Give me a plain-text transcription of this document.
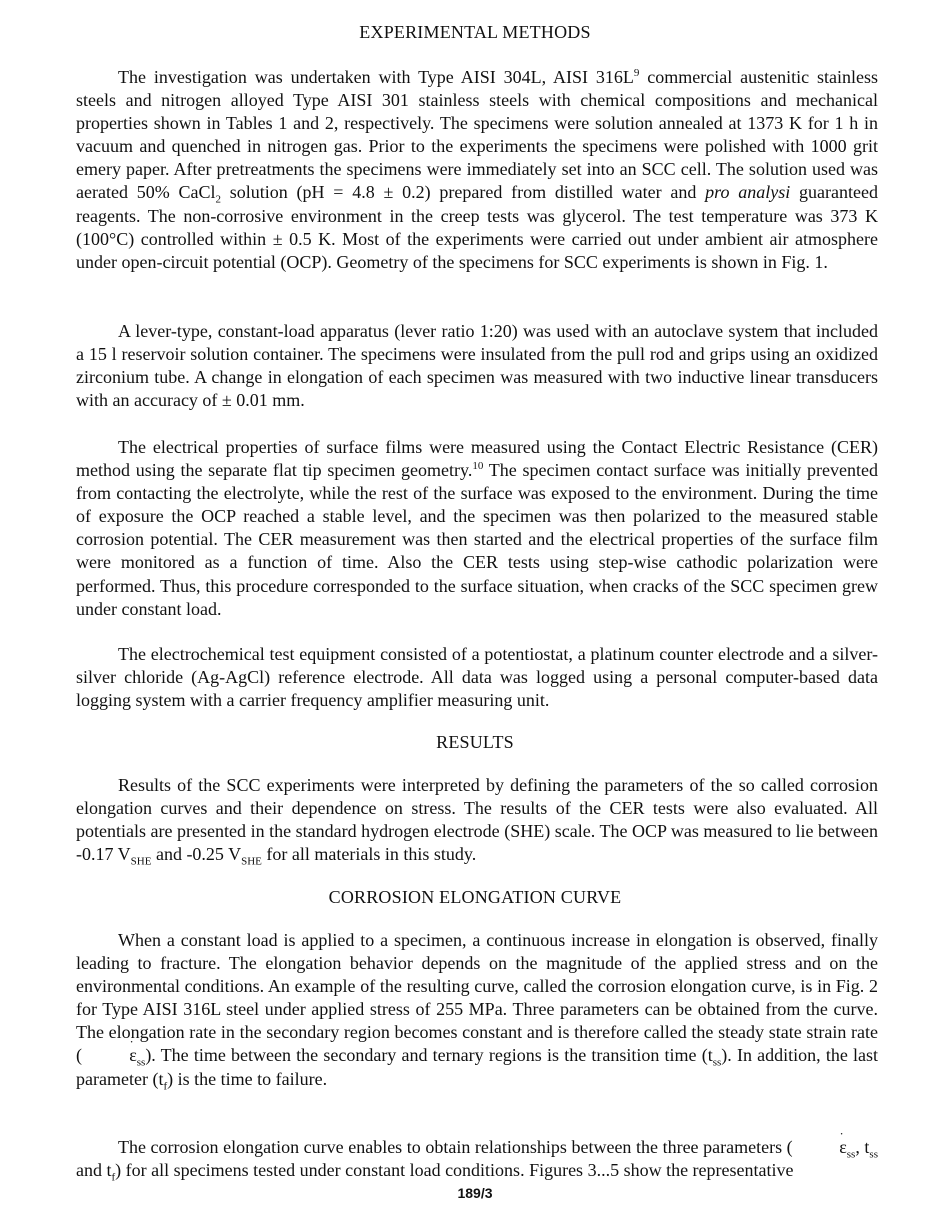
EXPERIMENTAL METHODS

The investigation was undertaken with Type AISI 304L, AISI $316L^9$ commercial austenitic stainless steels and nitrogen alloyed Type AISI 301 stainless steels with chemical compositions and mechanical properties shown in Tables 1 and 2, respectively. The specimens were solution annealed at 1373 K for 1 h in vacuum and quenched in nitrogen gas. Prior to the experiments the specimens were polished with 1000 grit emery paper. After pretreatments the specimens were immediately set into an SCC cell. The solution used was aerated 50% CaCl$_2$ solution (pH = 4.8 ± 0.2) prepared from distilled water and pro analysi guaranteed reagents. The non-corrosive environment in the creep tests was glycerol. The test temperature was 373 K (100°C) controlled within ± 0.5 K. Most of the experiments were carried out under ambient air atmosphere under open-circuit potential (OCP). Geometry of the specimens for SCC experiments is shown in Fig. 1.

A lever-type, constant-load apparatus (lever ratio 1:20) was used with an autoclave system that included a 15 l reservoir solution container. The specimens were insulated from the pull rod and grips using an oxidized zirconium tube. A change in elongation of each specimen was measured with two inductive linear transducers with an accuracy of ± 0.01 mm.

The electrical properties of surface films were measured using the Contact Electric Resistance (CER) method using the separate flat tip specimen geometry.$^{10}$ The specimen contact surface was initially prevented from contacting the electrolyte, while the rest of the surface was exposed to the environment. During the time of exposure the OCP reached a stable level, and the specimen was then polarized to the measured stable corrosion potential. The CER measurement was then started and the electrical properties of the surface film were monitored as a function of time. Also the CER tests using step-wise cathodic polarization were performed. Thus, this procedure corresponded to the surface situation, when cracks of the SCC specimen grew under constant load.

The electrochemical test equipment consisted of a potentiostat, a platinum counter electrode and a silver-silver chloride (Ag-AgCl) reference electrode. All data was logged using a personal computer-based data logging system with a carrier frequency amplifier measuring unit.

RESULTS

Results of the SCC experiments were interpreted by defining the parameters of the so called corrosion elongation curves and their dependence on stress. The results of the CER tests were also evaluated. All potentials are presented in the standard hydrogen electrode (SHE) scale. The OCP was measured to lie between -0.17 $V_{SHE}$ and -0.25 $V_{SHE}$ for all materials in this study.

CORROSION ELONGATION CURVE

When a constant load is applied to a specimen, a continuous increase in elongation is observed, finally leading to fracture. The elongation behavior depends on the magnitude of the applied stress and on the environmental conditions. An example of the resulting curve, called the corrosion elongation curve, is in Fig. 2 for Type AISI 316L steel under applied stress of 255 MPa. Three parameters can be obtained from the curve. The elongation rate in the secondary region becomes constant and is therefore called the steady state strain rate ( ˙ $\varepsilon_{ss}$). The time between the secondary and ternary regions is the transition time $(t_{ss})$. In addition, the last parameter $(t_f)$ is the time to failure.

The corrosion elongation curve enables to obtain relationships between the three parameters ( ˙ $\varepsilon_{ss}$, $t_{ss}$ and $t_f$) for all specimens tested under constant load conditions. Figures 3...5 show the representative

189/3
